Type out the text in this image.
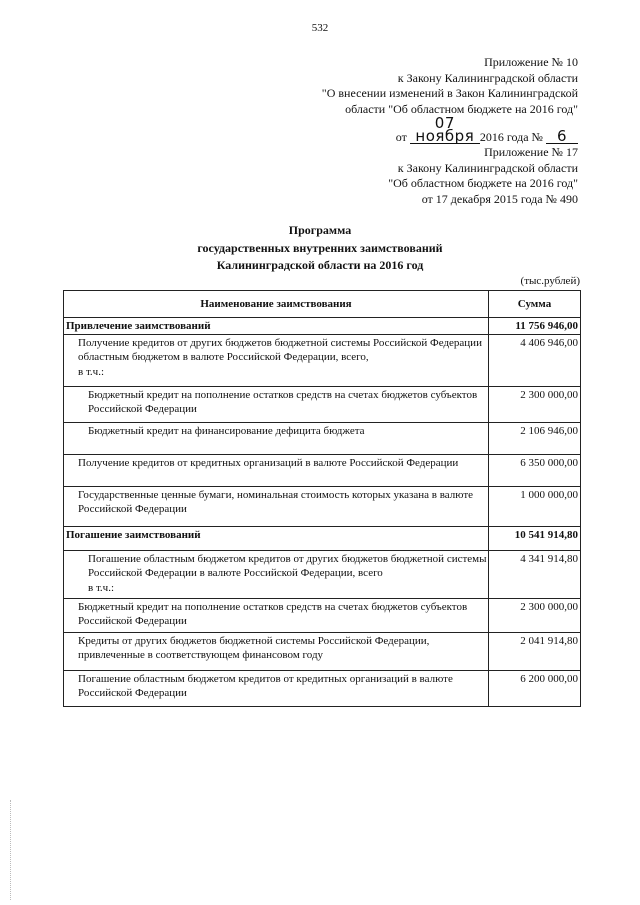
532
Приложение № 10
к Закону Калининградской области
"О внесении изменений в Закон Калининградской
области "Об областном бюджете на 2016 год"
от 07 ноября 2016 года № 6
Приложение № 17
к Закону Калининградской области
"Об областном бюджете на 2016 год"
от 17 декабря 2015 года № 490
Программа
государственных внутренних заимствований
Калининградской области на 2016 год
(тыс.рублей)
Наименование заимствования	Сумма
Привлечение заимствований	11 756 946,00
Получение кредитов от других бюджетов бюджетной системы Российской Федерации областным бюджетом в валюте Российской Федерации, всего,
в т.ч.:	4 406 946,00
Бюджетный кредит на пополнение остатков средств на счетах бюджетов субъектов Российской Федерации	2 300 000,00
Бюджетный кредит на финансирование дефицита бюджета	2 106 946,00
Получение кредитов от кредитных организаций в валюте Российской Федерации	6 350 000,00
Государственные ценные бумаги, номинальная стоимость которых указана в валюте Российской Федерации	1 000 000,00
Погашение заимствований	10 541 914,80
Погашение областным бюджетом кредитов от других бюджетов бюджетной системы Российской Федерации в валюте Российской Федерации, всего
в т.ч.:	4 341 914,80
Бюджетный кредит на пополнение остатков средств на счетах бюджетов субъектов Российской Федерации	2 300 000,00
Кредиты от других бюджетов бюджетной системы Российской Федерации, привлеченные в соответствующем финансовом году	2 041 914,80
Погашение областным бюджетом кредитов от кредитных организаций в валюте Российской Федерации	6 200 000,00
